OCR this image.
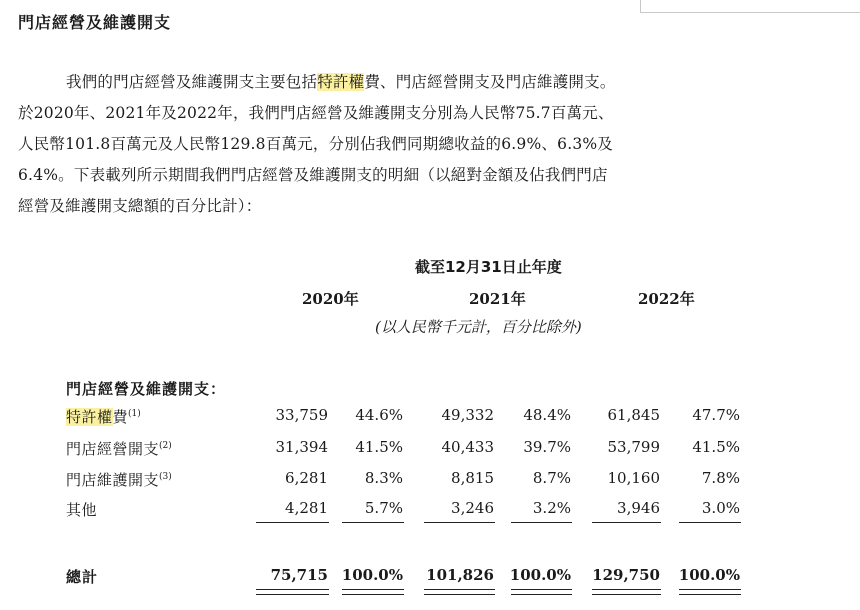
門店經營及維護開支
我們的門店經營及維護開支主要包括特許權費、門店經營開支及門店維護開支。
於2020年、2021年及2022年，我們門店經營及維護開支分別為人民幣75.7百萬元、
人民幣101.8百萬元及人民幣129.8百萬元，分別佔我們同期總收益的6.9%、6.3%及
6.4%。下表載列所示期間我們門店經營及維護開支的明細（以絕對金額及佔我們門店
經營及維護開支總額的百分比計）：
截至12月31日止年度
2020年	2021年	2022年
(以人民幣千元計，百分比除外)
門店經營及維護開支：
特許權費$^{(1)}$	33,759 44.6%	49,332 48.4% 61,845 47.7%
門店經營開支$^{(2)}$	31,394 41.5%	40,433 39.7% 53,799 41.5%
門店維護開支$^{(3)}$	6,281 8.3%	8,815	8.7% 10,160	7.8%
其他	4,281 5.7%	3,246	3.2%	3,946	3.0%
總計	75,715 100.0% 101,826 100.0% 129,750 100.0%
